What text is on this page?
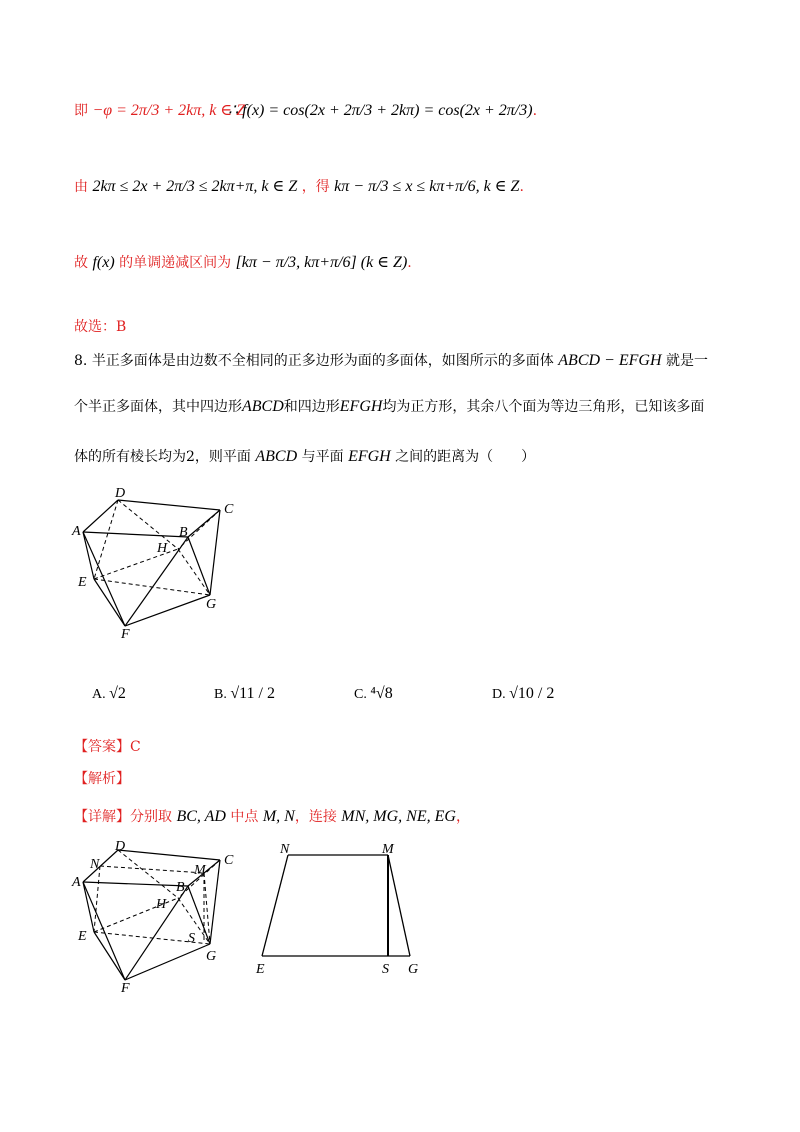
即 −φ = 2π/3 + 2kπ, k ∈ Z
∴ f(x) = cos(2x + 2π/3 + 2kπ) = cos(2x + 2π/3).
由 2kπ ≤ 2x + 2π/3 ≤ 2kπ+π, k ∈ Z ，得 kπ − π/3 ≤ x ≤ kπ+π/6, k ∈ Z.
故 f(x) 的单调递减区间为 [kπ − π/3, kπ+π/6] (k ∈ Z).
故选：B
8. 半正多面体是由边数不全相同的正多边形为面的多面体，如图所示的多面体 ABCD − EFGH 就是一
个半正多面体，其中四边形ABCD和四边形EFGH均为正方形，其余八个面为等边三角形，已知该多面
体的所有棱长均为2，则平面 ABCD 与平面 EFGH 之间的距离为（　　）
D
C
A	B
H
E
G
F
A. √2	B. √11 / 2	C. ⁴√8	D. √10 / 2
【答案】C
【解析】
【详解】分别取 BC, AD 中点 M, N，连接 MN, MG, NE, EG，
D
N	C
M
A	B
H
E	S
G
F
N	M
E	S G
